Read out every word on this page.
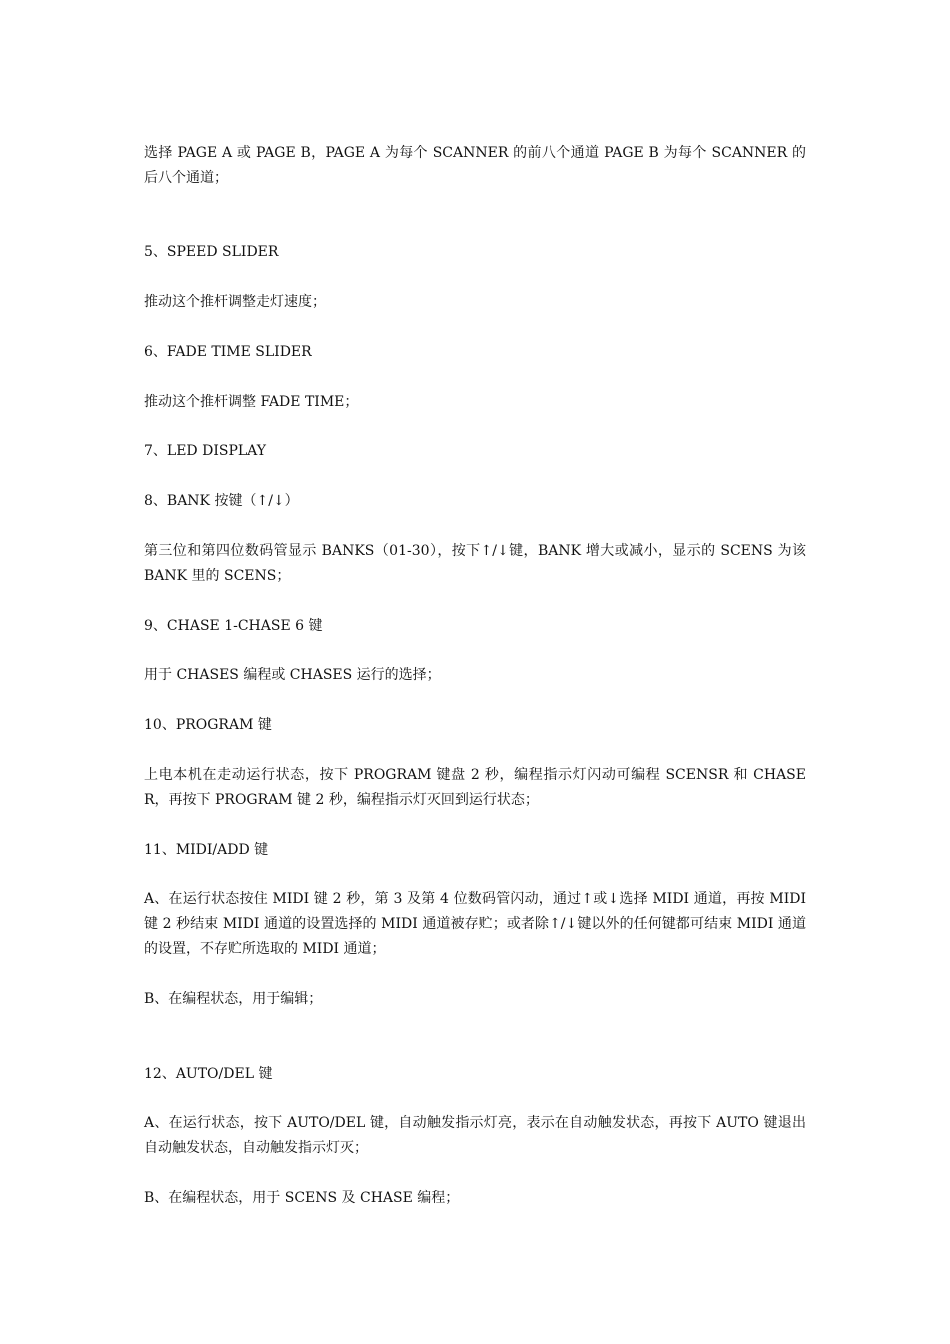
选择 PAGE A 或 PAGE B，PAGE A 为每个 SCANNER 的前八个通道 PAGE B 为每个 SCANNER 的后八个通道；

5、SPEED SLIDER

推动这个推杆调整走灯速度；

6、FADE TIME SLIDER

推动这个推杆调整 FADE TIME；

7、LED DISPLAY

8、BANK 按键（↑/↓）

第三位和第四位数码管显示 BANKS（01-30），按下↑/↓键，BANK 增大或减小，显示的 SCENS 为该 BANK 里的 SCENS；

9、CHASE 1-CHASE 6 键

用于 CHASES 编程或 CHASES 运行的选择；

10、PROGRAM 键

上电本机在走动运行状态，按下 PROGRAM 键盘 2 秒，编程指示灯闪动可编程 SCENSR 和 CHASER，再按下 PROGRAM 键 2 秒，编程指示灯灭回到运行状态；

11、MIDI/ADD 键

A、在运行状态按住 MIDI 键 2 秒，第 3 及第 4 位数码管闪动，通过↑或↓选择 MIDI 通道，再按 MIDI 键 2 秒结束 MIDI 通道的设置选择的 MIDI 通道被存贮；或者除↑/↓键以外的任何键都可结束 MIDI 通道的设置，不存贮所选取的 MIDI 通道；

B、在编程状态，用于编辑；

12、AUTO/DEL 键

A、在运行状态，按下 AUTO/DEL 键，自动触发指示灯亮，表示在自动触发状态，再按下 AUTO 键退出自动触发状态，自动触发指示灯灭；

B、在编程状态，用于 SCENS 及 CHASE 编程；
